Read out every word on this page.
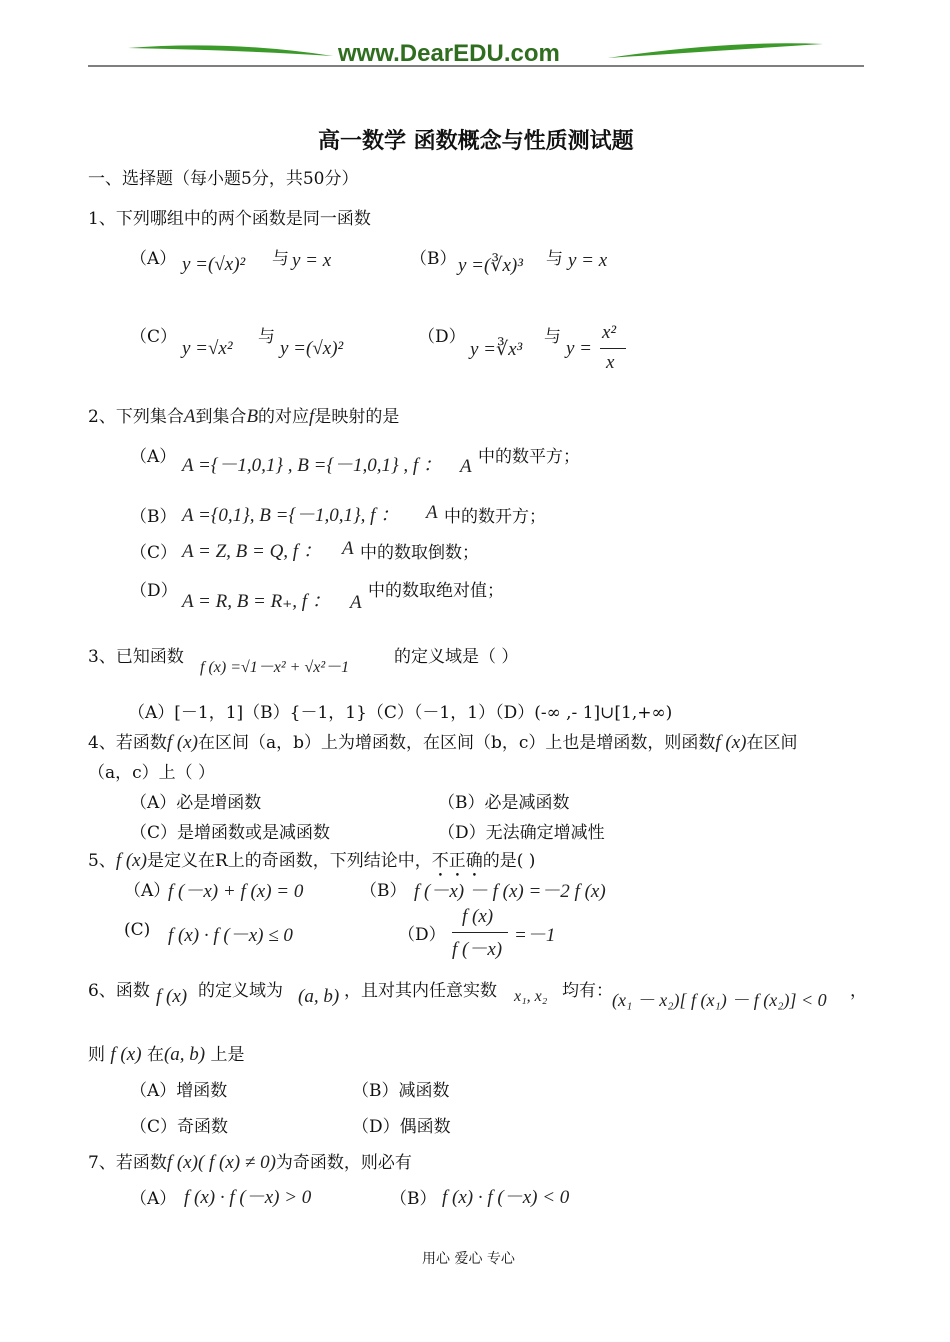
www.DearEDU.com
高一数学 函数概念与性质测试题
一、选择题（每小题5分，共50分）
1、下列哪组中的两个函数是同一函数
（A） y =(√x)² 与 y = x	（B） y =(∛x)³ 与 y = x
（C）
y =√x²
与
y =(√x)²
（D）
y =∛x³
与
y =
x²
x
2、下列集合A到集合B的对应f是映射的是
（A） A ={－1,0,1} , B ={－1,0,1} , f ： A 中的数平方；
（B） A ={0,1}, B ={－1,0,1}, f ： A 中的数开方；
（C） A = Z, B = Q, f ： A 中的数取倒数；
（D） A = R, B = R₊, f ： A
中的数取绝对值；
3、已知函数
f (x) =√1－x² + √x²－1
的定义域是（ ）
（A）[－1，1]（B）{－1，1}（C）（－1，1）（D）(-∞ ,- 1]∪[1,+∞)
4、若函数f (x)在区间（a，b）上为增函数，在区间（b，c）上也是增函数，则函数f (x)在区间
（a，c）上（ ）
（A）必是增函数	（B）必是减函数
（C）是增函数或是减函数	（D）无法确定增减性
5、f (x)是定义在R上的奇函数，下列结论中，不正确的是( )
（A）
f (－x) + f (x) = 0	（B） f (－x) － f (x) =－2 f (x)
(C) f (x) · f (－x) ≤ 0	（D）
f (x)
f (－x)
=－1
6、函数 f (x) 的定义域为 (a, b) ，且对其内任意实数 x₁, x₂ 均有： (x₁ － x₂)[ f (x₁) － f (x₂)] < 0 ，
则 f (x) 在(a, b) 上是
（A）增函数	（B）减函数
（C）奇函数	（D）偶函数
7、若函数f (x)( f (x) ≠ 0)为奇函数，则必有
（A） f (x) · f (－x) > 0	（B） f (x) · f (－x) < 0
用心 爱心 专心
